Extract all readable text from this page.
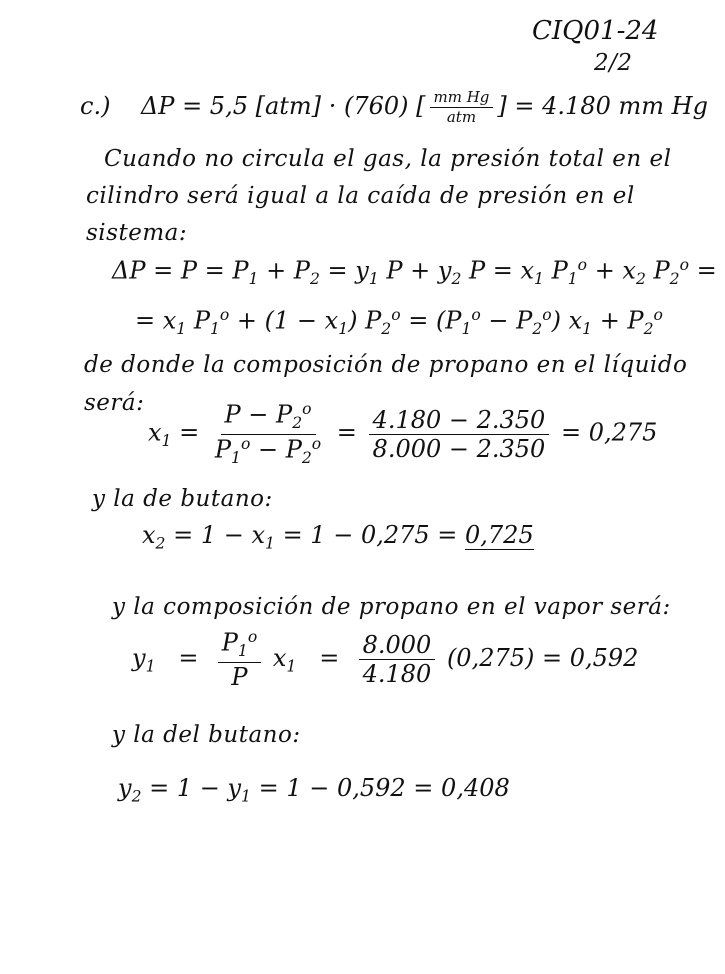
CIQ01-24
2/2
c.) ΔP = 5,5 [atm] · (760) [ $\frac{\text{mm Hg}}{\text{atm}}$ ] = 4.180 mm Hg
Cuando no circula el gas, la presión total en el
cilindro será igual a la caída de presión en el
sistema:
$\Delta P = P = P_1 + P_2 = y_1$ $P + y_2$ $P = x_1$ $P_1^o + x_2$ $P_2^o$ =
= $x_1$ $P_1^o + (1 - x_1) P_2^o = (P_1^o - P_2^o) x_1 + P_2^o$
de donde la composición de propano en el líquido
será:
$x_1 = \frac{P - P_2^o}{P_1^o - P_2^o} = \frac{4.180 - 2.350}{8.000 - 2.350} = 0,275$
y la de butano:
$x_2 = 1 - x_1 = 1 - 0,275 = 0,725$
y la composición de propano en el vapor será:
$y_1 = \frac{P_1^o}{P} x_1 = \frac{8.000}{4.180} (0,275) = 0,592$
y la del butano:
$y_2 = 1 - y_1 = 1 - 0,592 = 0,408$
